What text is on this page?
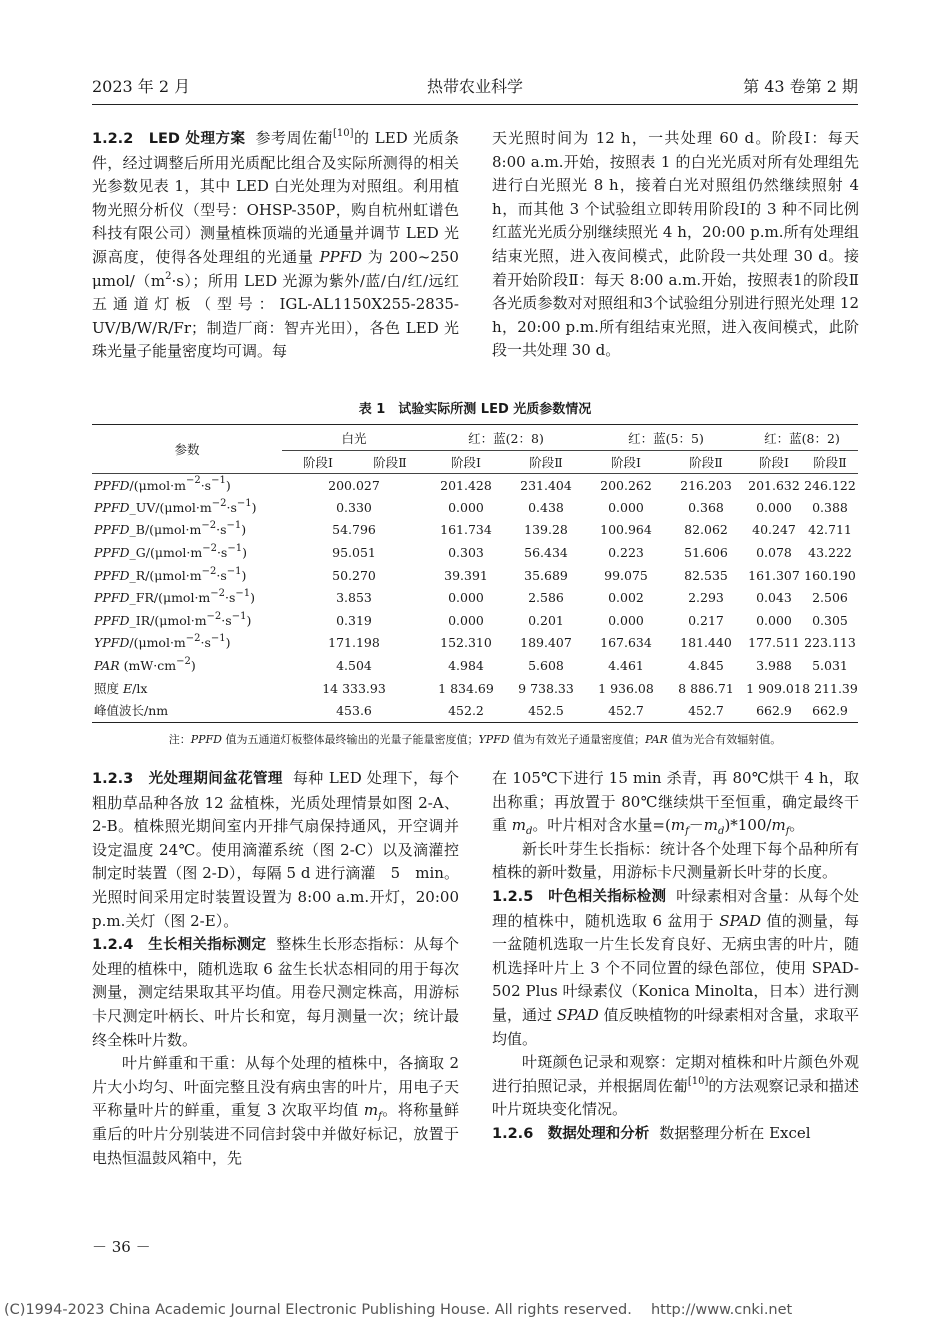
2023 年 2 月	热带农业科学	第 43 卷第 2 期

1.2.2　LED 处理方案 参考周佐葡[10]的 LED 光质条件，经过调整后所用光质配比组合及实际所测得的相关光参数见表 1，其中 LED 白光处理为对照组。利用植物光照分析仪（型号：OHSP-350P，购自杭州虹谱色科技有限公司）测量植株顶端的光通量并调节 LED 光源高度，使得各处理组的光通量 PPFD 为 200~250 μmol/$(m^2\cdot s)$；所用 LED 光源为紫外/蓝/白/红/远红五通道灯板（型号：IGL-AL1150X255-2835-UV/B/W/R/Fr；制造厂商：智卉光田），各色 LED 光珠光量子能量密度均可调。每

天光照时间为 12 h，一共处理 60 d。阶段Ⅰ：每天 8:00 a.m.开始，按照表 1 的白光光质对所有处理组先进行白光照光 8 h，接着白光对照组仍然继续照射 4 h，而其他 3 个试验组立即转用阶段Ⅰ的 3 种不同比例红蓝光光质分别继续照光 4 h，20:00 p.m.所有处理组结束光照，进入夜间模式，此阶段一共处理 30 d。接着开始阶段Ⅱ：每天 8:00 a.m.开始，按照表1的阶段Ⅱ各光质参数对对照组和3个试验组分别进行照光处理 12 h，20:00 p.m.所有组结束光照，进入夜间模式，此阶段一共处理 30 d。

表 1　试验实际所测 LED 光质参数情况
参数	白光		红：蓝(2：8)		红：蓝(5：5)		红：蓝(8：2)	
	阶段Ⅰ	阶段Ⅱ	阶段Ⅰ	阶段Ⅱ	阶段Ⅰ	阶段Ⅱ	阶段Ⅰ	阶段Ⅱ
PPFD/$(\mu mol\cdot m^{-2}\cdot s^{-1})$	200.027		201.428	231.404	200.262	216.203	201.632	246.122
$PPFD\_UV/(\mu mol\cdot m^{-2}\cdot s^{-1})$	0.330		0.000	0.438	0.000	0.368	0.000	0.388
$PPFD\_B/(\mu mol\cdot m^{-2}\cdot s^{-1})$	54.796		161.734	139.28	100.964	82.062	40.247	42.711
$PPFD\_G/(\mu mol\cdot m^{-2}\cdot s^{-1})$	95.051		0.303	56.434	0.223	51.606	0.078	43.222
$PPFD\_R/(\mu mol\cdot m^{-2}\cdot s^{-1})$	50.270		39.391	35.689	99.075	82.535	161.307	160.190
$PPFD\_FR/(\mu mol\cdot m^{-2}\cdot s^{-1})$	3.853		0.000	2.586	0.002	2.293	0.043	2.506
$PPFD\_IR/(\mu mol\cdot m^{-2}\cdot s^{-1})$	0.319		0.000	0.201	0.000	0.217	0.000	0.305
YPFD/$(\mu mol\cdot m^{-2}\cdot s^{-1})$	171.198		152.310	189.407	167.634	181.440	177.511	223.113
PAR $(mW\cdot cm^{-2})$	4.504		4.984	5.608	4.461	4.845	3.988	5.031
照度 E/lx	14 333.93		1 834.69	9 738.33	1 936.08	8 886.71	1 909.01	8 211.39
峰值波长/nm	453.6		452.2	452.5	452.7	452.7	662.9	662.9
注：PPFD 值为五通道灯板整体最终输出的光量子能量密度值；YPFD 值为有效光子通量密度值；PAR 值为光合有效辐射值。

1.2.3　光处理期间盆花管理 每种 LED 处理下，每个粗肋草品种各放 12 盆植株，光质处理情景如图 2-A、2-B。植株照光期间室内开排气扇保持通风，开空调并设定温度 24℃。使用滴灌系统（图 2-C）以及滴灌控制定时装置（图 2-D），每隔 5 d 进行滴灌　5　min。光照时间采用定时装置设置为 8:00 a.m.开灯，20:00 p.m.关灯（图 2-E）。

1.2.4　生长相关指标测定 整株生长形态指标：从每个处理的植株中，随机选取 6 盆生长状态相同的用于每次测量，测定结果取其平均值。用卷尺测定株高，用游标卡尺测定叶柄长、叶片长和宽，每月测量一次；统计最终全株叶片数。

叶片鲜重和干重：从每个处理的植株中，各摘取 2 片大小均匀、叶面完整且没有病虫害的叶片，用电子天平称量叶片的鲜重，重复 3 次取平均值 $m_f$。将称量鲜重后的叶片分别装进不同信封袋中并做好标记，放置于电热恒温鼓风箱中，先

在 105℃下进行 15 min 杀青，再 80℃烘干 4 h，取出称重；再放置于 80℃继续烘干至恒重，确定最终干重 $m_d$。叶片相对含水量$=(m_f-m_d)*100/m_f$。

新长叶芽生长指标：统计各个处理下每个品种所有植株的新叶数量，用游标卡尺测量新长叶芽的长度。

1.2.5　叶色相关指标检测 叶绿素相对含量：从每个处理的植株中，随机选取 6 盆用于 SPAD 值的测量，每一盆随机选取一片生长发育良好、无病虫害的叶片，随机选择叶片上 3 个不同位置的绿色部位，使用 SPAD-502 Plus 叶绿素仪（Konica Minolta，日本）进行测量，通过 SPAD 值反映植物的叶绿素相对含量，求取平均值。

叶斑颜色记录和观察：定期对植株和叶片颜色外观进行拍照记录，并根据周佐葡[10]的方法观察记录和描述叶片斑块变化情况。

1.2.6　数据处理和分析 数据整理分析在 Excel

－ 36 －
(C)1994-2023 China Academic Journal Electronic Publishing House. All rights reserved.　 http://www.cnki.net
